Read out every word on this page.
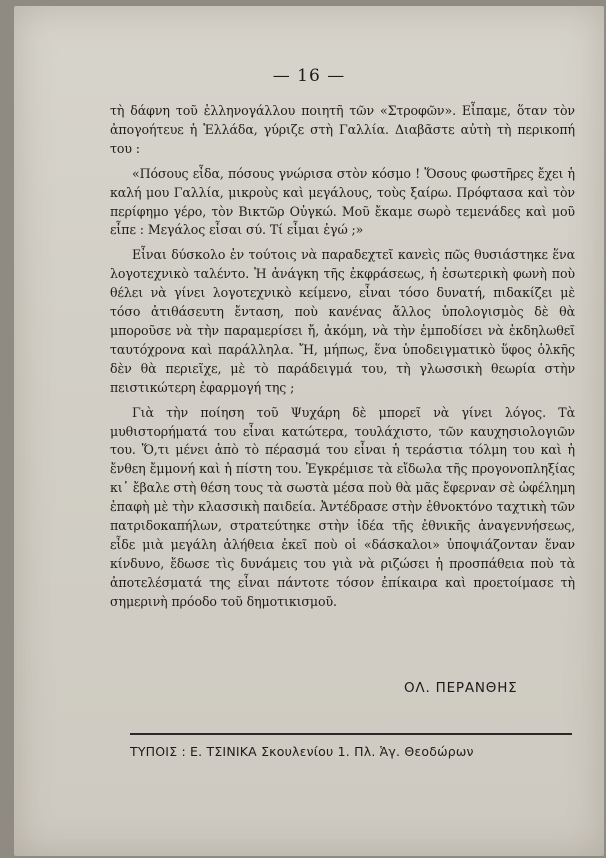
— 16 —

τὴ δάφνη τοῦ ἑλληνογάλλου ποιητῆ τῶν «Στροφῶν». Εἶπαμε, ὅταν τὸν ἀπογοήτευε ἡ Ἑλλάδα, γύριζε στὴ Γαλλία. Διαβᾶστε αὐτὴ τὴ περικοπή του :

«Πόσους εἶδα, πόσους γνώρισα στὸν κόσμο ! Ὅσους φωστῆρες ἔχει ἡ καλή μου Γαλλία, μικροὺς καὶ μεγάλους, τοὺς ξαίρω. Πρόφτασα καὶ τὸν περίφημο γέρο, τὸν Βικτῶρ Οὐγκώ. Μοῦ ἔκαμε σωρὸ τεμενάδες καὶ μοῦ εἶπε : Μεγάλος εἶσαι σύ. Τί εἶμαι ἐγώ ;»

Εἶναι δύσκολο ἐν τούτοις νὰ παραδεχτεῖ κανεὶς πῶς θυσιάστηκε ἕνα λογοτεχνικὸ ταλέντο. Ἡ ἀνάγκη τῆς ἐκφράσεως, ἡ ἐσωτερικὴ φωνὴ ποὺ θέλει νὰ γίνει λογοτεχνικὸ κείμενο, εἶναι τόσο δυνατή, πιδακίζει μὲ τόσο ἀτιθάσευτη ἔνταση, ποὺ κανένας ἄλλος ὑπολογισμὸς δὲ θὰ μποροῦσε νὰ τὴν παραμερίσει ἤ, ἀκόμη, νὰ τὴν ἐμποδίσει νὰ ἐκδηλωθεῖ ταυτόχρονα καὶ παράλληλα. Ἤ, μήπως, ἕνα ὑποδειγματικὸ ὕφος ὁλκῆς δὲν θὰ περιεῖχε, μὲ τὸ παράδειγμά του, τὴ γλωσσικὴ θεωρία στὴν πειστικώτερη ἐφαρμογή της ;

Γιὰ τὴν ποίηση τοῦ Ψυχάρη δὲ μπορεῖ νὰ γίνει λόγος. Τὰ μυθιστορήματά του εἶναι κατώτερα, τουλάχιστο, τῶν καυχησιολογιῶν του. Ὅ,τι μένει ἀπὸ τὸ πέρασμά του εἶναι ἡ τεράστια τόλμη του καὶ ἡ ἔνθεη ἔμμονή καὶ ἡ πίστη του. Ἐγκρέμισε τὰ εἴδωλα τῆς προγονοπληξίας κι᾿ ἔβαλε στὴ θέση τους τὰ σωστὰ μέσα ποὺ θὰ μᾶς ἔφερναν σὲ ὠφέλημη ἐπαφὴ μὲ τὴν κλασσικὴ παιδεία. Ἀντέδρασε στὴν ἐθνοκτόνο ταχτικὴ τῶν πατριδοκαπήλων, στρατεύτηκε στὴν ἰδέα τῆς ἐθνικῆς ἀναγεννήσεως, εἶδε μιὰ μεγάλη ἀλήθεια ἐκεῖ ποὺ οἱ «δάσκαλοι» ὑποψιάζονταν ἕναν κίνδυνο, ἔδωσε τὶς δυνάμεις του γιὰ νὰ ριζώσει ἡ προσπάθεια ποὺ τὰ ἀποτελέσματά της εἶναι πάντοτε τόσον ἐπίκαιρα καὶ προετοίμασε τὴ σημερινὴ πρόοδο τοῦ δημοτικισμοῦ.

ΟΛ. ΠΕΡΑΝΘΗΣ
ΤΥΠΟΙΣ : Ε. ΤΣΙΝΙΚΑ Σκουλενίου 1. Πλ. Ἁγ. Θεοδώρων
